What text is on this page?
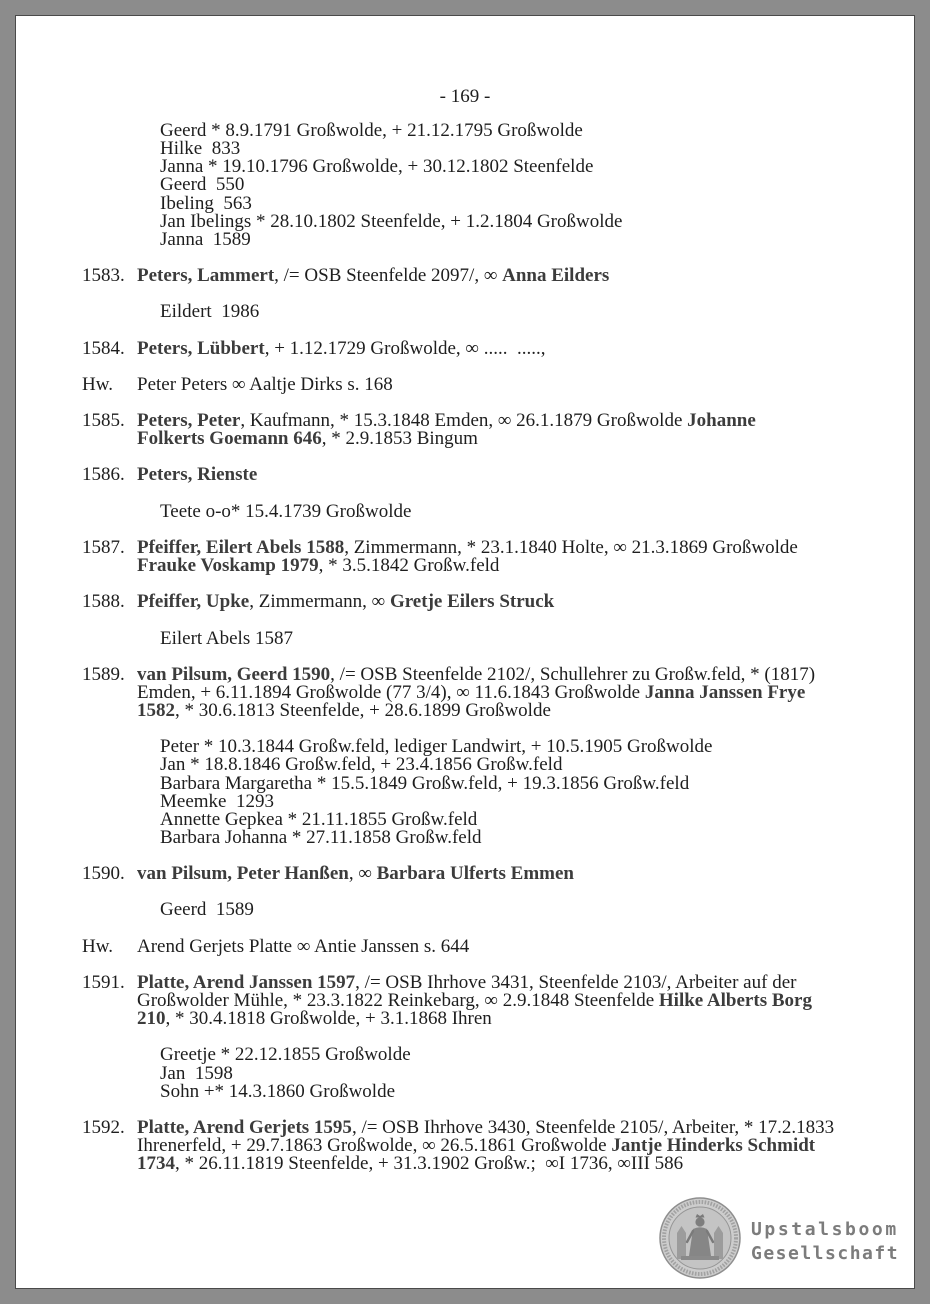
- 169 -
Geerd * 8.9.1791 Großwolde, + 21.12.1795 Großwolde
Hilke  833
Janna * 19.10.1796 Großwolde, + 30.12.1802 Steenfelde
Geerd  550
Ibeling  563
Jan Ibelings * 28.10.1802 Steenfelde, + 1.2.1804 Großwolde
Janna  1589
1583. Peters, Lammert, /= OSB Steenfelde 2097/, ∞ Anna Eilders
Eildert  1986
1584. Peters, Lübbert, + 1.12.1729 Großwolde, ∞ .....  .....,
Hw. Peter Peters ∞ Aaltje Dirks s. 168
1585. Peters, Peter, Kaufmann, * 15.3.1848 Emden, ∞ 26.1.1879 Großwolde Johanne
Folkerts Goemann 646, * 2.9.1853 Bingum
1586. Peters, Rienste
Teete o-o* 15.4.1739 Großwolde
1587. Pfeiffer, Eilert Abels 1588, Zimmermann, * 23.1.1840 Holte, ∞ 21.3.1869 Großwolde
Frauke Voskamp 1979, * 3.5.1842 Großw.feld
1588. Pfeiffer, Upke, Zimmermann, ∞ Gretje Eilers Struck
Eilert Abels 1587
1589. van Pilsum, Geerd 1590, /= OSB Steenfelde 2102/, Schullehrer zu Großw.feld, * (1817)
Emden, + 6.11.1894 Großwolde (77 3/4), ∞ 11.6.1843 Großwolde Janna Janssen Frye
1582, * 30.6.1813 Steenfelde, + 28.6.1899 Großwolde
Peter * 10.3.1844 Großw.feld, lediger Landwirt, + 10.5.1905 Großwolde
Jan * 18.8.1846 Großw.feld, + 23.4.1856 Großw.feld
Barbara Margaretha * 15.5.1849 Großw.feld, + 19.3.1856 Großw.feld
Meemke  1293
Annette Gepkea * 21.11.1855 Großw.feld
Barbara Johanna * 27.11.1858 Großw.feld
1590. van Pilsum, Peter Hanßen, ∞ Barbara Ulferts Emmen
Geerd  1589
Hw. Arend Gerjets Platte ∞ Antie Janssen s. 644
1591. Platte, Arend Janssen 1597, /= OSB Ihrhove 3431, Steenfelde 2103/, Arbeiter auf der
Großwolder Mühle, * 23.3.1822 Reinkebarg, ∞ 2.9.1848 Steenfelde Hilke Alberts Borg
210, * 30.4.1818 Großwolde, + 3.1.1868 Ihren
Greetje * 22.12.1855 Großwolde
Jan  1598
Sohn +* 14.3.1860 Großwolde
1592. Platte, Arend Gerjets 1595, /= OSB Ihrhove 3430, Steenfelde 2105/, Arbeiter, * 17.2.1833
Ihrenerfeld, + 29.7.1863 Großwolde, ∞ 26.5.1861 Großwolde Jantje Hinderks Schmidt
1734, * 26.11.1819 Steenfelde, + 31.3.1902 Großw.;  ∞I 1736, ∞III 586
Upstalsboom
Gesellschaft
